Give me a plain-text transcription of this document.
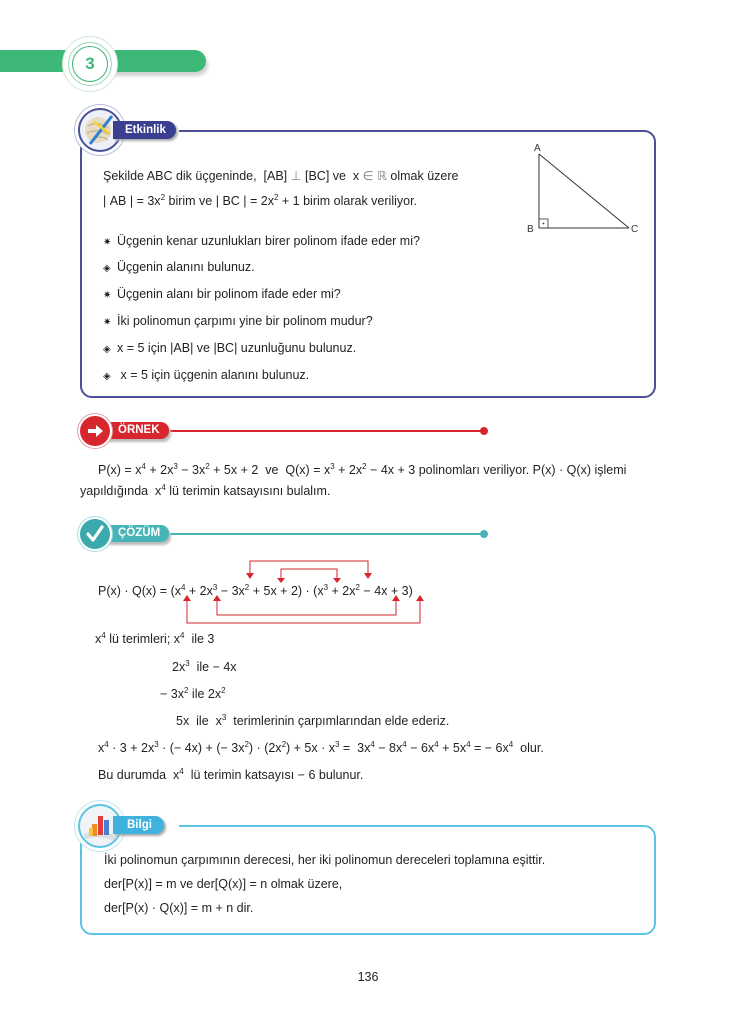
3
Etkinlik
Şekilde ABC dik üçgeninde,  [AB] ⊥ [BC] ve  x ∈ ℝ olmak üzere
| AB | = $3x^2$ birim ve | BC | = $2x^2 + 1$ birim olarak veriliyor.
✷ Üçgenin kenar uzunlukları birer polinom ifade eder mi?
◈ Üçgenin alanını bulunuz.
✷ Üçgenin alanı bir polinom ifade eder mi?
✷ İki polinomun çarpımı yine bir polinom mudur?
◈ x = 5 için |AB| ve |BC| uzunluğunu bulunuz.
◈ x = 5 için üçgenin alanını bulunuz.
A
B	C
ÖRNEK
$P(x) = x^4 + 2x^3 - 3x^2 + 5x + 2$  ve  $Q(x) = x^3 + 2x^2 - 4x + 3$ polinomları veriliyor. P(x) · Q(x) işlemi
yapıldığında  $x^4$ lü terimin katsayısını bulalım.
ÇÖZÜM
$P(x) \cdot Q(x) = (x^4 + 2x^3 - 3x^2 + 5x + 2) \cdot (x^3 + 2x^2 - 4x + 3)$
$x^4$ lü terimleri; $x^4$  ile 3
$2x^3$  ile − 4x
− $3x^2$ ile $2x^2$
5x  ile  $x^3$  terimlerinin çarpımlarından elde ederiz.
$x^4 \cdot 3 + 2x^3$ · (− 4x) + (− $3x^2) \cdot (2x^2) + 5x \cdot x^3 = 3x^4 - 8x^4 - 6x^4 + 5x^4$ = − $6x^4$  olur.
Bu durumda  $x^4$  lü terimin katsayısı − 6 bulunur.
Bilgi
İki polinomun çarpımının derecesi, her iki polinomun dereceleri toplamına eşittir.
der[P(x)] = m ve der[Q(x)] = n olmak üzere,
der[P(x) · Q(x)] = m + n dir.
136
